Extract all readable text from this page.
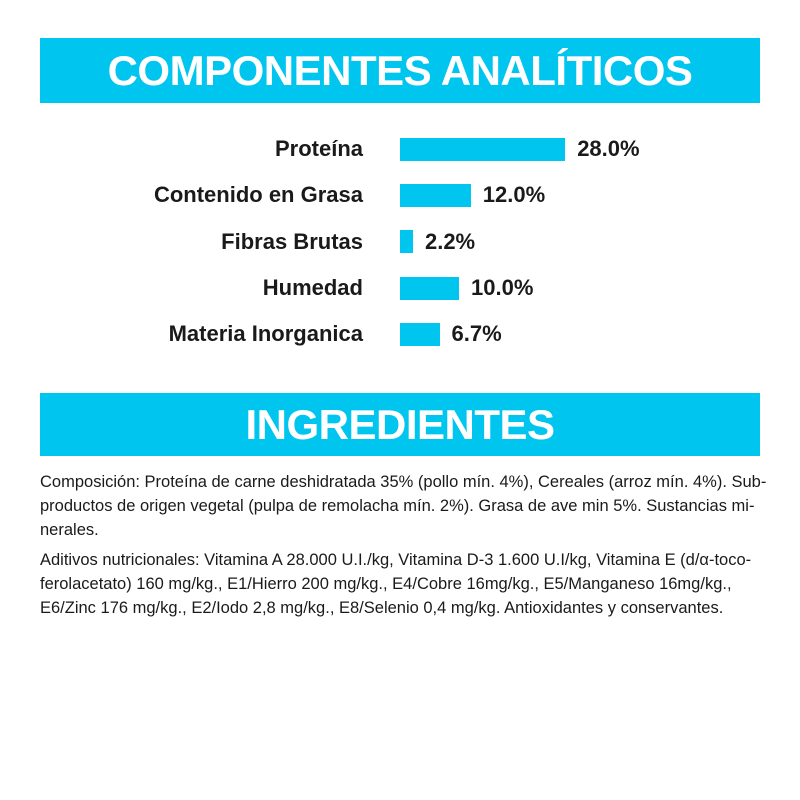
COMPONENTES ANALÍTICOS
Proteína	28.0%
Contenido en Grasa	12.0%
Fibras Brutas	2.2%
Humedad	10.0%
Materia Inorganica	6.7%
INGREDIENTES

Composición: Proteína de carne deshidratada 35% (pollo mín. 4%), Cereales (arroz mín. 4%). Sub-
productos de origen vegetal (pulpa de remolacha mín. 2%). Grasa de ave min 5%. Sustancias mi-
nerales.

Aditivos nutricionales: Vitamina A 28.000 U.I./kg, Vitamina D-3 1.600 U.I/kg, Vitamina E (d/α-toco-
ferolacetato) 160 mg/kg., E1/Hierro 200 mg/kg., E4/Cobre 16mg/kg., E5/Manganeso 16mg/kg.,
E6/Zinc 176 mg/kg., E2/Iodo 2,8 mg/kg., E8/Selenio 0,4 mg/kg. Antioxidantes y conservantes.
